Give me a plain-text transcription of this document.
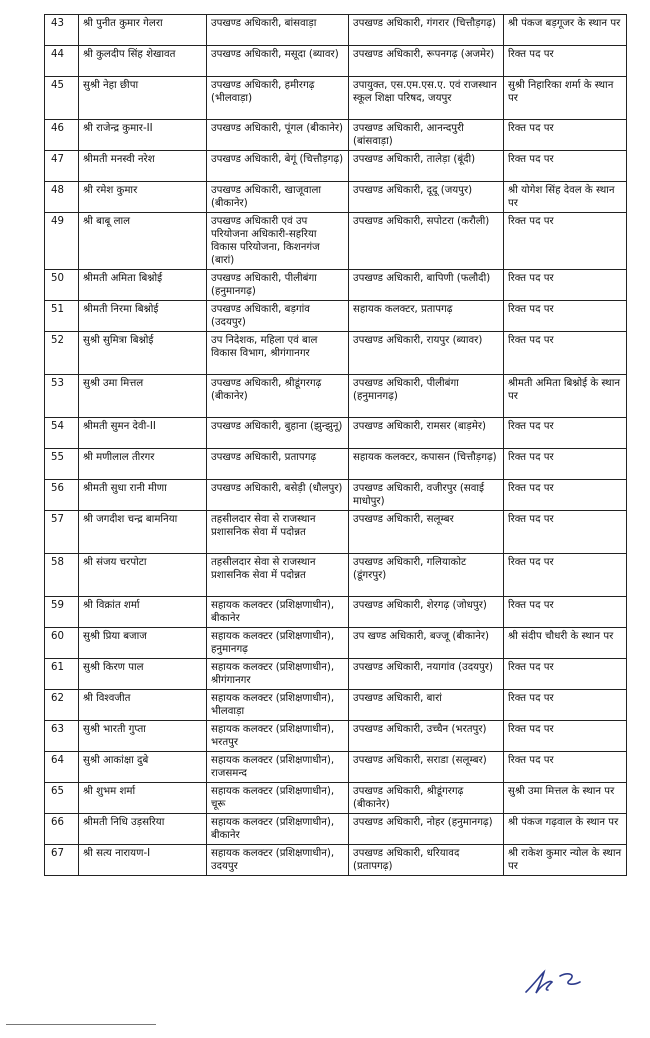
43	श्री पुनीत कुमार गेलरा	उपखण्ड अधिकारी, बांसवाड़ा	उपखण्ड अधिकारी, गंगरार (चित्तौड़गढ़)	श्री पंकज बड़गूजर के स्थान पर
44	श्री कुलदीप सिंह शेखावत	उपखण्ड अधिकारी, मसूदा (ब्यावर)	उपखण्ड अधिकारी, रूपनगढ़ (अजमेर)	रिक्त पद पर
45	सुश्री नेहा छीपा	उपखण्ड अधिकारी, हमीरगढ़ (भीलवाड़ा)	उपायुक्त, एस.एम.एस.ए. एवं राजस्थान स्कूल शिक्षा परिषद, जयपुर	सुश्री निहारिका शर्मा के स्थान पर
46	श्री राजेन्द्र कुमार-II	उपखण्ड अधिकारी, पूंगल (बीकानेर)	उपखण्ड अधिकारी, आनन्दपुरी (बांसवाड़ा)	रिक्त पद पर
47	श्रीमती मनस्वी नरेश	उपखण्ड अधिकारी, बेगूं (चित्तौड़गढ़)	उपखण्ड अधिकारी, तालेड़ा (बूंदी)	रिक्त पद पर
48	श्री रमेश कुमार	उपखण्ड अधिकारी, खाजूवाला (बीकानेर)	उपखण्ड अधिकारी, दूदू (जयपुर)	श्री योगेश सिंह देवल के स्थान पर
49	श्री बाबू लाल	उपखण्ड अधिकारी एवं उप परियोजना अधिकारी-सहरिया विकास परियोजना, किशनगंज (बारां)	उपखण्ड अधिकारी, सपोटरा (करौली)	रिक्त पद पर
50	श्रीमती अमिता बिश्नोई	उपखण्ड अधिकारी, पीलीबंगा (हनुमानगढ़)	उपखण्ड अधिकारी, बापिणी (फलौदी)	रिक्त पद पर
51	श्रीमती निरमा बिश्नोई	उपखण्ड अधिकारी, बड़गांव (उदयपुर)	सहायक कलक्टर, प्रतापगढ़	रिक्त पद पर
52	सुश्री सुमित्रा बिश्नोई	उप निदेशक, महिला एवं बाल विकास विभाग, श्रीगंगानगर	उपखण्ड अधिकारी, रायपुर (ब्यावर)	रिक्त पद पर
53	सुश्री उमा मित्तल	उपखण्ड अधिकारी, श्रीडूंगरगढ़ (बीकानेर)	उपखण्ड अधिकारी, पीलीबंगा (हनुमानगढ़)	श्रीमती अमिता बिश्नोई के स्थान पर
54	श्रीमती सुमन देवी-II	उपखण्ड अधिकारी, बुहाना (झुन्झुनू)	उपखण्ड अधिकारी, रामसर (बाड़मेर)	रिक्त पद पर
55	श्री मणीलाल तीरगर	उपखण्ड अधिकारी, प्रतापगढ़	सहायक कलक्टर, कपासन (चित्तौड़गढ़)	रिक्त पद पर
56	श्रीमती सुधा रानी मीणा	उपखण्ड अधिकारी, बसेड़ी (धौलपुर)	उपखण्ड अधिकारी, वजीरपुर (सवाई माधोपुर)	रिक्त पद पर
57	श्री जगदीश चन्द्र बामनिया	तहसीलदार सेवा से राजस्थान प्रशासनिक सेवा में पदोन्नत	उपखण्ड अधिकारी, सलूम्बर	रिक्त पद पर
58	श्री संजय चरपोटा	तहसीलदार सेवा से राजस्थान प्रशासनिक सेवा में पदोन्नत	उपखण्ड अधिकारी, गलियाकोट (डूंगरपुर)	रिक्त पद पर
59	श्री विक्रांत शर्मा	सहायक कलक्टर (प्रशिक्षणाधीन), बीकानेर	उपखण्ड अधिकारी, शेरगढ़ (जोधपुर)	रिक्त पद पर
60	सुश्री प्रिया बजाज	सहायक कलक्टर (प्रशिक्षणाधीन), हनुमानगढ़	उप खण्ड अधिकारी, बज्जू (बीकानेर)	श्री संदीप चौधरी के स्थान पर
61	सुश्री किरण पाल	सहायक कलक्टर (प्रशिक्षणाधीन), श्रीगंगानगर	उपखण्ड अधिकारी, नयागांव (उदयपुर)	रिक्त पद पर
62	श्री विश्वजीत	सहायक कलक्टर (प्रशिक्षणाधीन), भीलवाड़ा	उपखण्ड अधिकारी, बारां	रिक्त पद पर
63	सुश्री भारती गुप्ता	सहायक कलक्टर (प्रशिक्षणाधीन), भरतपुर	उपखण्ड अधिकारी, उच्चैन (भरतपुर)	रिक्त पद पर
64	सुश्री आकांक्षा दुबे	सहायक कलक्टर (प्रशिक्षणाधीन), राजसमन्द	उपखण्ड अधिकारी, सराडा (सलूम्बर)	रिक्त पद पर
65	श्री शुभम शर्मा	सहायक कलक्टर (प्रशिक्षणाधीन), चूरू	उपखण्ड अधिकारी, श्रीडूंगरगढ़ (बीकानेर)	सुश्री उमा मित्तल के स्थान पर
66	श्रीमती निधि उड़सरिया	सहायक कलक्टर (प्रशिक्षणाधीन), बीकानेर	उपखण्ड अधिकारी, नोहर (हनुमानगढ़)	श्री पंकज गढ़वाल के स्थान पर
67	श्री सत्य नारायण-I	सहायक कलक्टर (प्रशिक्षणाधीन), उदयपुर	उपखण्ड अधिकारी, धरियावद (प्रतापगढ़)	श्री राकेश कुमार न्योल के स्थान पर
